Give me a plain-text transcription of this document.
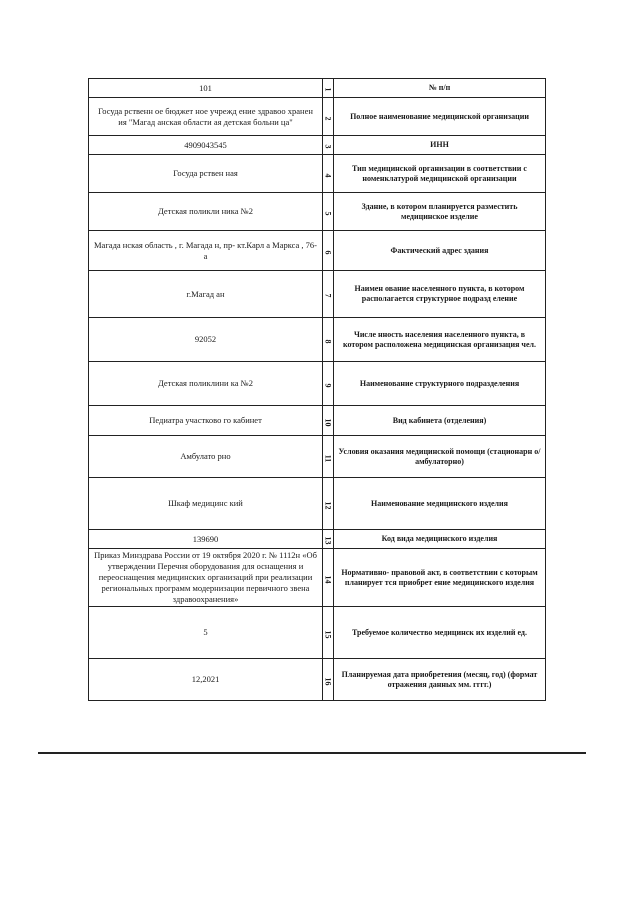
101	1	№ п/п
Госуда рственн ое бюджет ное учрежд ение здравоо хранен ия "Магад анская области ая детская больни ца"	2	Полное наименование медицинской организации
4909043545	3	ИНН
Госуда рствен ная	4	Тип медицинской организации в соответствии с номенклатурой медицинской организации
Детская поликли ника №2	5	Здание, в котором планируется разместить медицинское изделие
Магада нская область , г. Магада н, пр- кт.Карл а Маркса , 76-а	6	Фактический адрес здания
г.Магад ан	7	Наимен ование населенного пункта, в котором располагается структурное подразд еление
92052	8	Числе нность населения населенного пункта, в котором расположена медицинская организация чел.
Детская поликлини ка №2	9	Наименование структурного подразделения
Педиатра участково го кабинет	10	Вид кабинета (отделения)
Амбулато рно	11	Условия оказания медицинской помощи (стационарн о/амбулаторно)
Шкаф медицинс кий	12	Наименование медицинского изделия
139690	13	Код вида медицинского изделия
Приказ Минздрава России от 19 октября 2020 г. № 1112н «Об утверждении Перечня оборудования для оснащения и переоснащения медицинских организаций при реализации региональных программ модернизации первичного звена здравоохранения»	14	Нормативно- правовой акт, в соответствии с которым планирует тся приобрет ение медицинского изделия
5	15	Требуемое количество медицинск их изделий ед.
12,2021	16	Планируемая дата приобретения (месяц, год) (формат отражения данных мм. гггг.)
